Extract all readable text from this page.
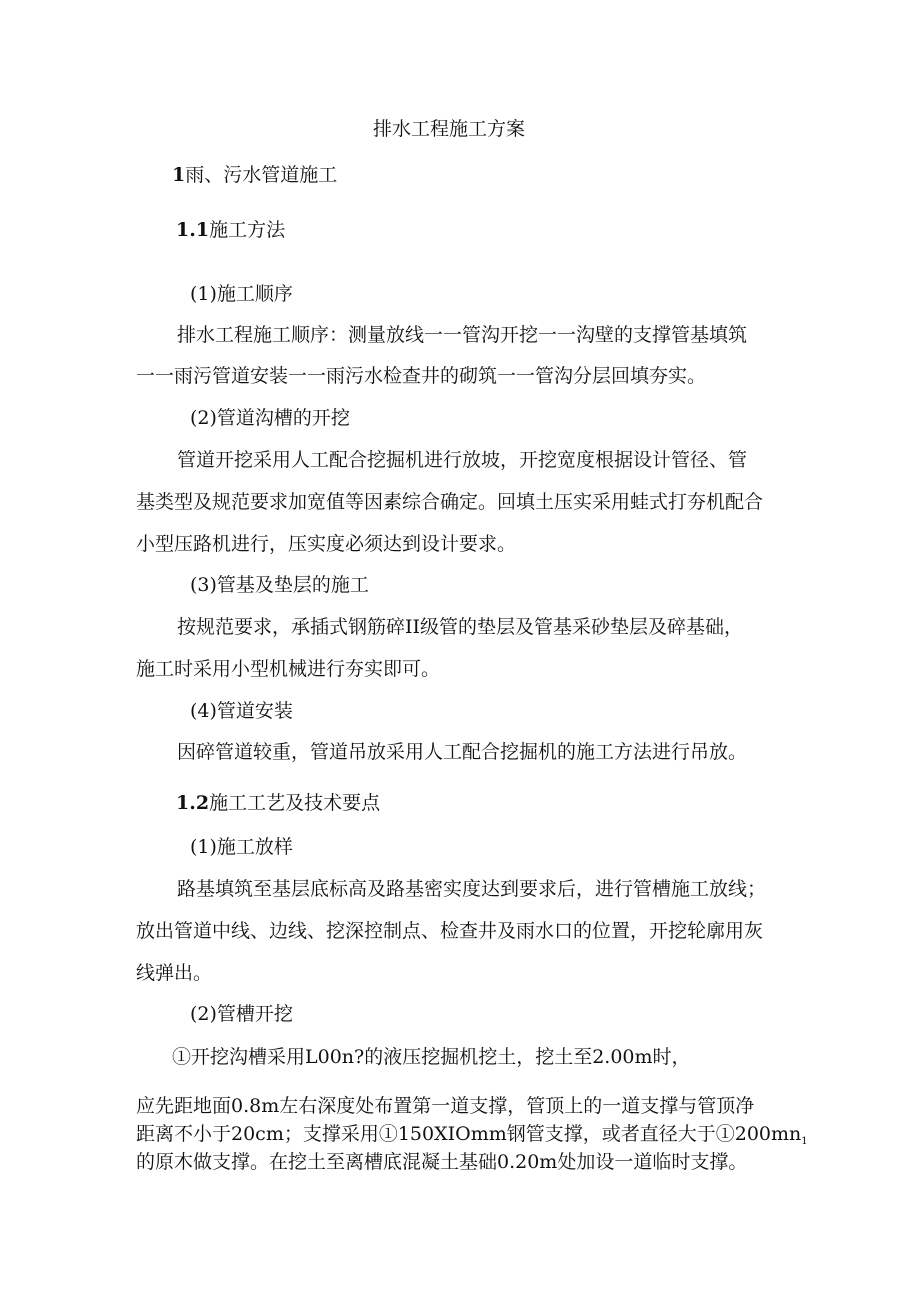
排水工程施工方案
1雨、污水管道施工
1.1施工方法
(1)施工顺序
排水工程施工顺序：测量放线一一管沟开挖一一沟壁的支撑管基填筑
一一雨污管道安装一一雨污水检查井的砌筑一一管沟分层回填夯实。
(2)管道沟槽的开挖
管道开挖采用人工配合挖掘机进行放坡，开挖宽度根据设计管径、管
基类型及规范要求加宽值等因素综合确定。回填土压实采用蛙式打夯机配合
小型压路机进行，压实度必须达到设计要求。
(3)管基及垫层的施工
按规范要求，承插式钢筋碎II级管的垫层及管基采砂垫层及碎基础，
施工时采用小型机械进行夯实即可。
(4)管道安装
因碎管道较重，管道吊放采用人工配合挖掘机的施工方法进行吊放。
1.2施工工艺及技术要点
(1)施工放样
路基填筑至基层底标高及路基密实度达到要求后，进行管槽施工放线；
放出管道中线、边线、挖深控制点、检查井及雨水口的位置，开挖轮廓用灰
线弹出。
(2)管槽开挖
①开挖沟槽采用L00n?的液压挖掘机挖土，挖土至2.00m时，
应先距地面0.8m左右深度处布置第一道支撑，管顶上的一道支撑与管顶净
距离不小于20cm；支撑采用①150XIOmm钢管支撑，或者直径大于$①200mn_1$
的原木做支撑。在挖土至离槽底混凝土基础0.20m处加设一道临时支撑。
